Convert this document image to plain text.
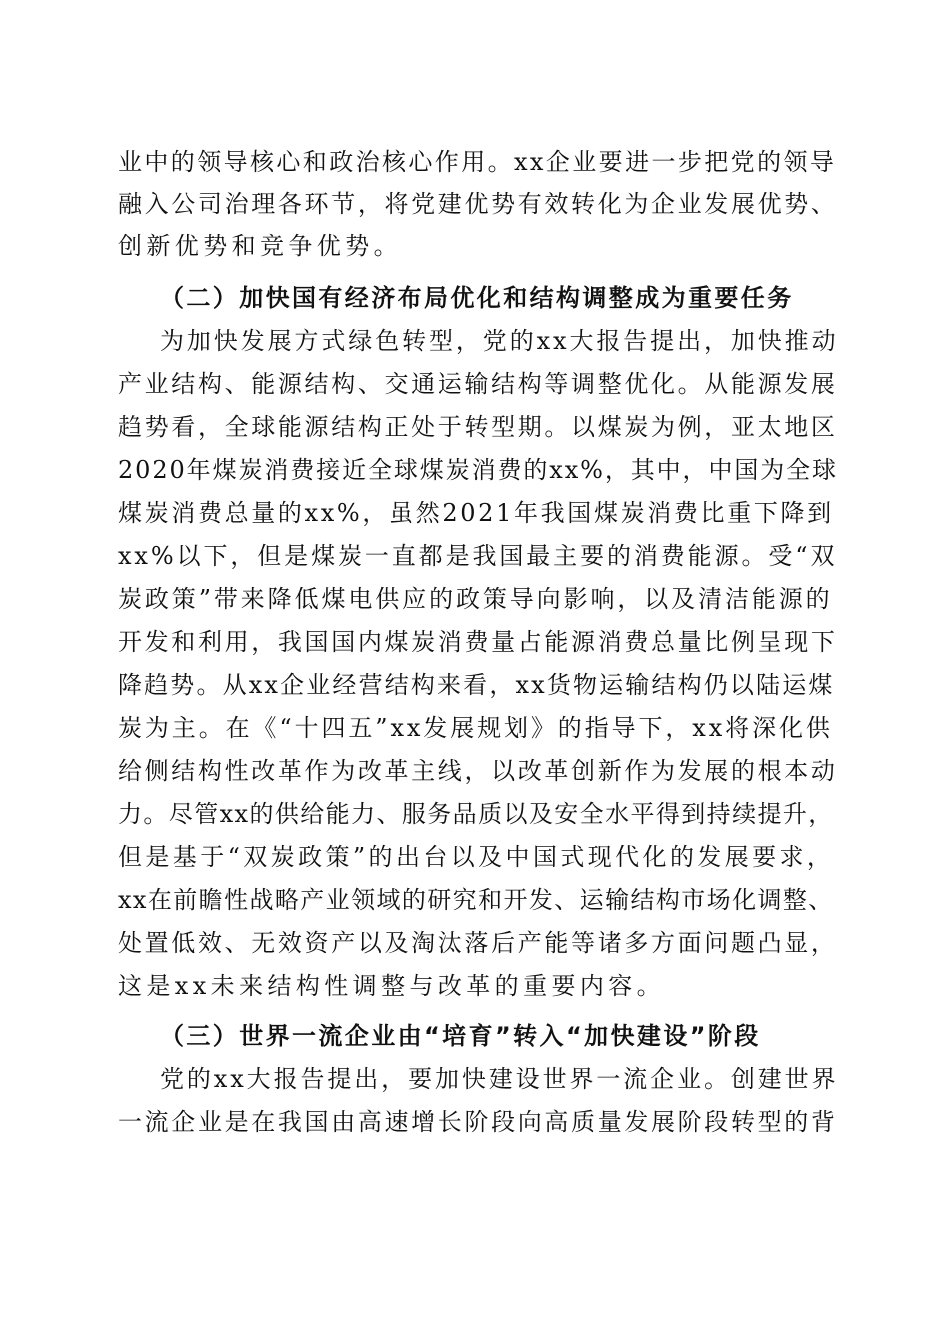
业中的领导核心和政治核心作用。xx企业要进一步把党的领导
融入公司治理各环节，将党建优势有效转化为企业发展优势、
创新优势和竞争优势。
（二）加快国有经济布局优化和结构调整成为重要任务
为加快发展方式绿色转型，党的xx大报告提出，加快推动
产业结构、能源结构、交通运输结构等调整优化。从能源发展
趋势看，全球能源结构正处于转型期。以煤炭为例，亚太地区
2020年煤炭消费接近全球煤炭消费的xx%，其中，中国为全球
煤炭消费总量的xx%，虽然2021年我国煤炭消费比重下降到
xx%以下，但是煤炭一直都是我国最主要的消费能源。受“双
炭政策”带来降低煤电供应的政策导向影响，以及清洁能源的
开发和利用，我国国内煤炭消费量占能源消费总量比例呈现下
降趋势。从xx企业经营结构来看，xx货物运输结构仍以陆运煤
炭为主。在《“十四五”xx发展规划》的指导下，xx将深化供
给侧结构性改革作为改革主线，以改革创新作为发展的根本动
力。尽管xx的供给能力、服务品质以及安全水平得到持续提升，
但是基于“双炭政策”的出台以及中国式现代化的发展要求，
xx在前瞻性战略产业领域的研究和开发、运输结构市场化调整、
处置低效、无效资产以及淘汰落后产能等诸多方面问题凸显，
这是xx未来结构性调整与改革的重要内容。
（三）世界一流企业由“培育”转入“加快建设”阶段
党的xx大报告提出，要加快建设世界一流企业。创建世界
一流企业是在我国由高速增长阶段向高质量发展阶段转型的背
